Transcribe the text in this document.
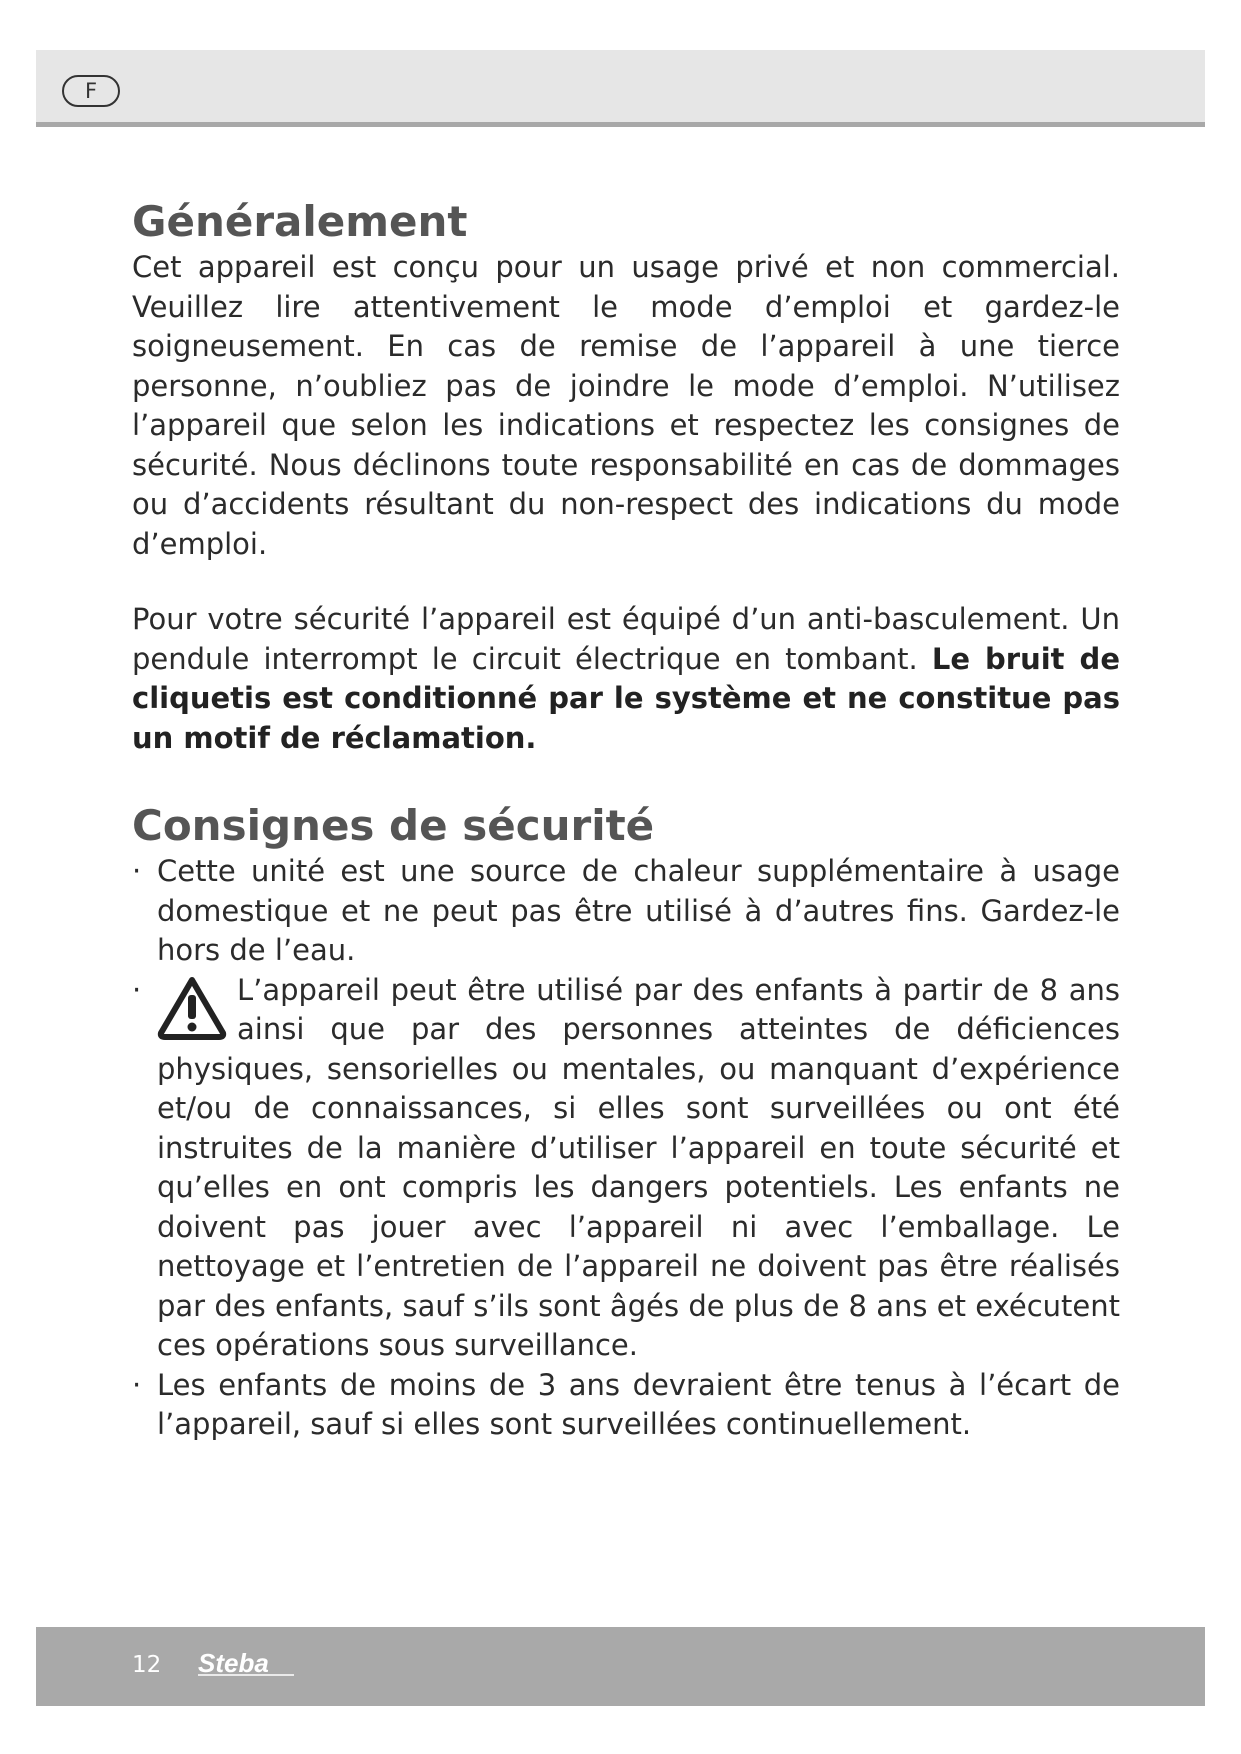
F
Généralement

Cet appareil est conçu pour un usage privé et non commercial. Veuillez lire attentivement le mode d’emploi et gardez-le soigneusement. En cas de remise de l’appareil à une tierce personne, n’oubliez pas de joindre le mode d’emploi. N’utilisez l’appareil que selon les indications et respectez les consignes de sécurité. Nous déclinons toute responsabilité en cas de dommages ou d’accidents résultant du non-respect des indications du mode d’emploi.

Pour votre sécurité l’appareil est équipé d’un anti-basculement. Un pendule interrompt le circuit électrique en tombant. Le bruit de cliquetis est conditionné par le système et ne constitue pas un motif de réclamation.

Consignes de sécurité
· Cette unité est une source de chaleur supplémentaire à usage domestique et ne peut pas être utilisé à d’autres fins. Gardez-le hors de l’eau.
·	L’appareil peut être utilisé par des enfants à partir de 8 ans ainsi que par des personnes atteintes de déficiences physiques, sensorielles ou mentales, ou manquant d’expérience et/ou de connaissances, si elles sont surveillées ou ont été instruites de la manière d’utiliser l’appareil en toute sécurité et qu’elles en ont compris les dangers potentiels. Les enfants ne doivent pas jouer avec l’appareil ni avec l’emballage. Le nettoyage et l’entretien de l’appareil ne doivent pas être réalisés par des enfants, sauf s’ils sont âgés de plus de 8 ans et exécutent ces opérations sous surveillance.
· Les enfants de moins de 3 ans devraient être tenus à l’écart de l’appareil, sauf si elles sont surveillées continuellement.
12 Steba
